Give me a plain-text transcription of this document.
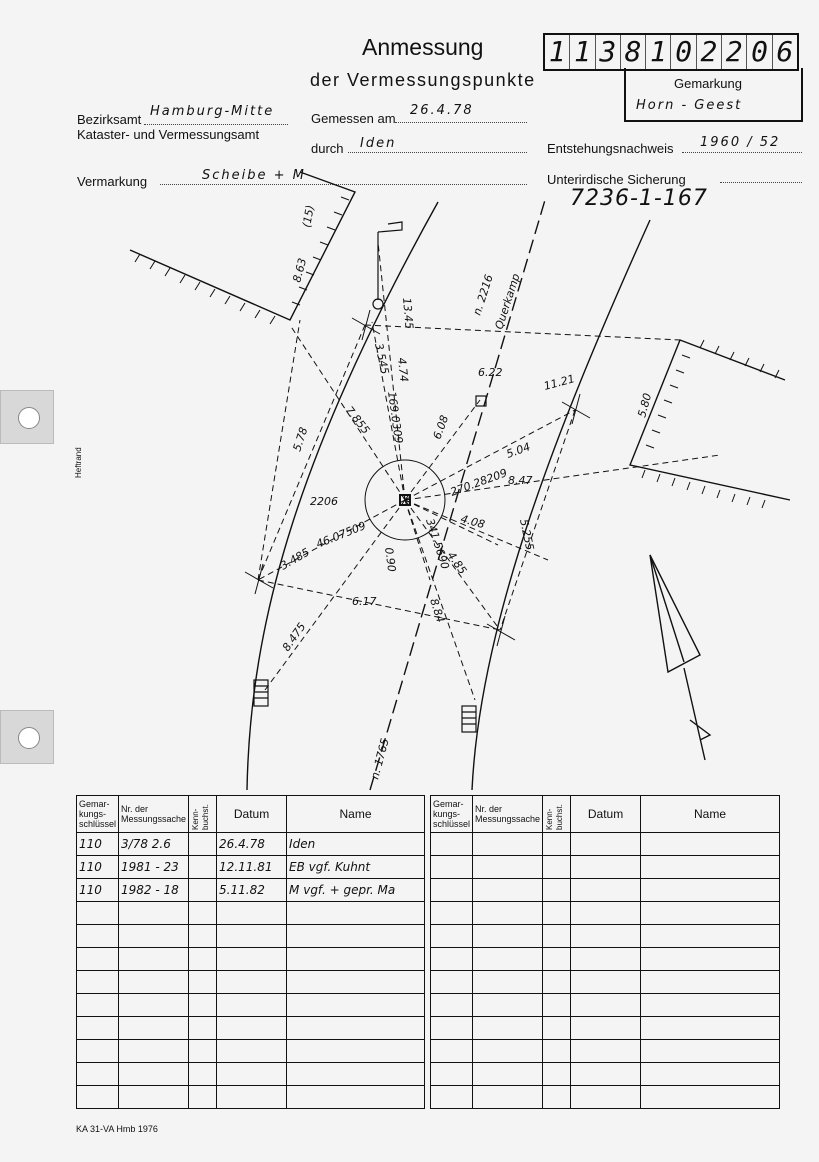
Heftrand
Anmessung
der Vermessungspunkte
1 1 3 8 1 0 2 2 0 6
Gemarkung
Horn - Geest
Bezirksamt
Hamburg-Mitte
Kataster- und Vermessungsamt
Gemessen am
26.4.78
durch Iden	Entstehungsnachweis 1960 / 52
Vermarkung	Scheibe + M	Unterirdische Sicherung
7236-1-167
n. 2216
Querkamp
n. 1765
2206
(15)
8.63
13.45
3.545 4.74
169.0309
7.855
5.78
6.22
6.08
11.21
5.80
5.04
270.28209 8.47
4.08	5.255
4.85
341.5690
8.84
0.90
46.07509
3.485
6.17
8.475
Gemar-kungs-schlüssel	Nr. der Messungssache	Kenn-buchst.	Datum	Name
110	3/78 2.6		26.4.78	Iden
110	1981 - 23		12.11.81	EB vgf. Kuhnt
110	1982 - 18		5.11.82	M vgf. + gepr. Ma

Gemar-kungs-schlüssel	Nr. der Messungssache	Kenn-buchst.	Datum	Name

KA 31-VA Hmb 1976
